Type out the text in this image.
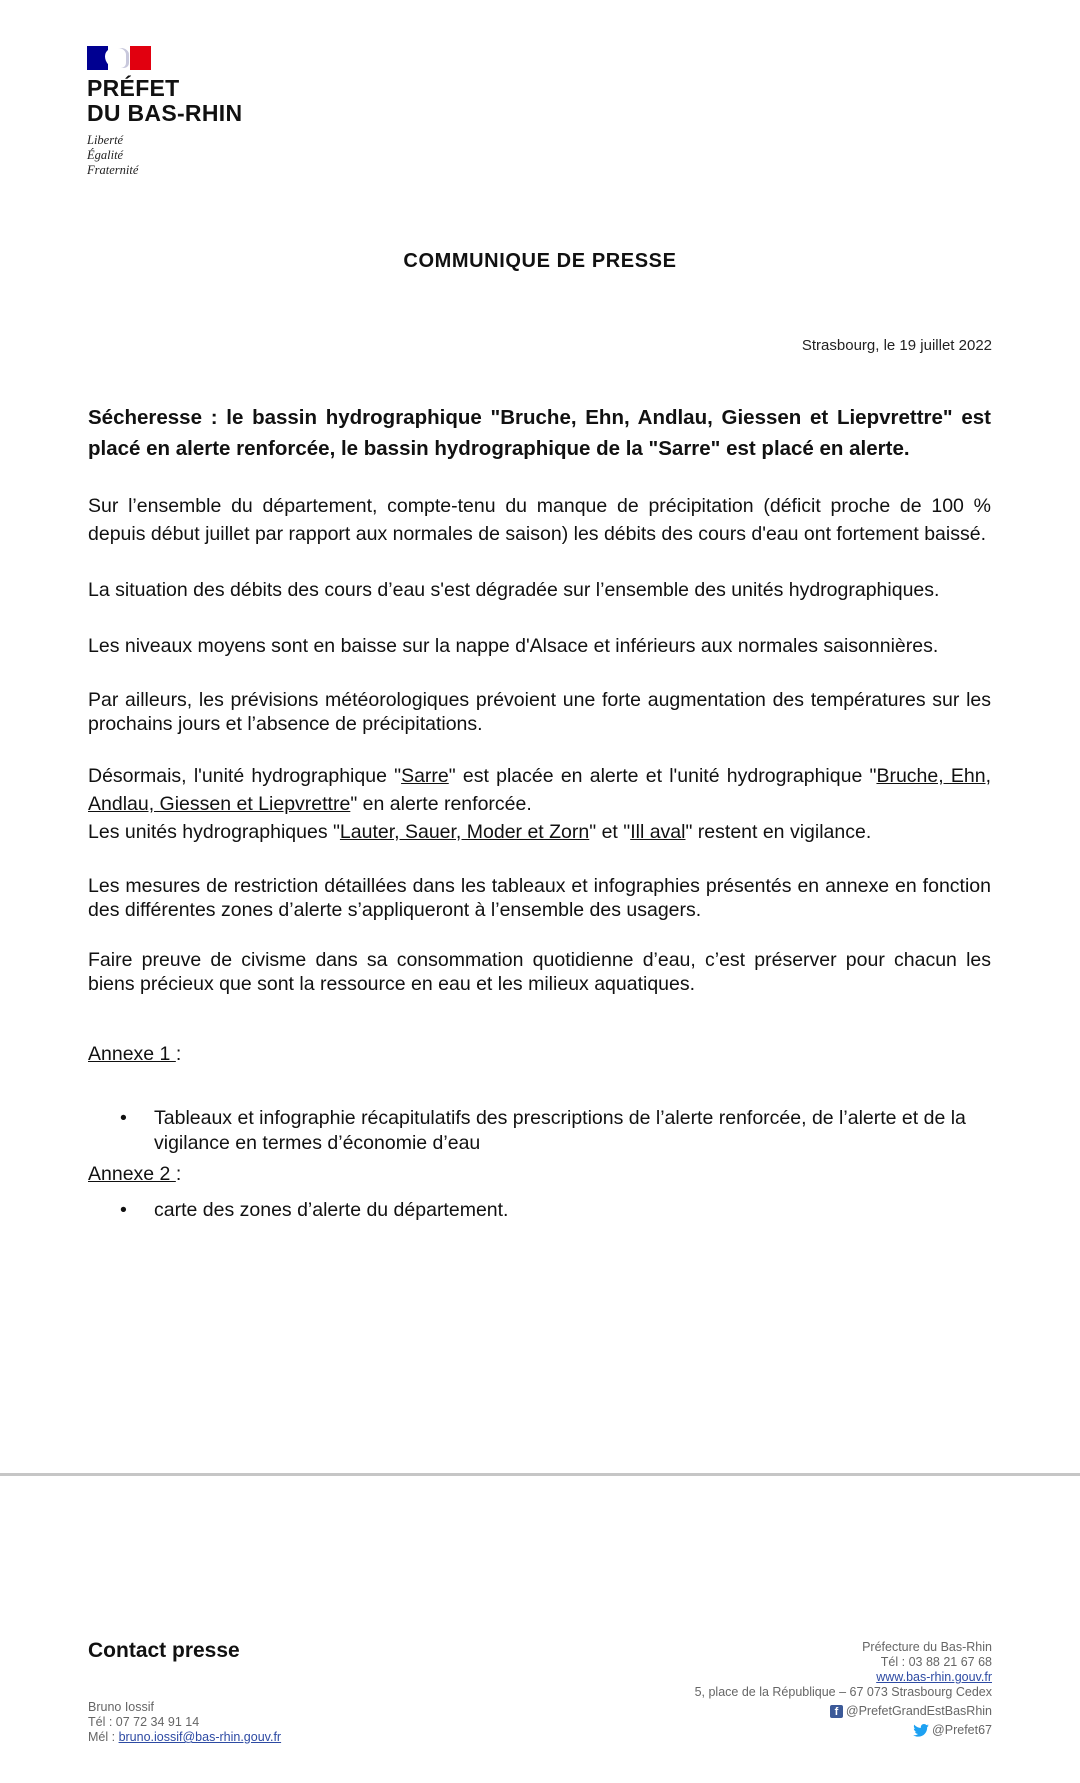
PRÉFET
DU BAS-RHIN
Liberté
Égalité
Fraternité
COMMUNIQUE DE PRESSE
Strasbourg, le 19 juillet 2022
Sécheresse : le bassin hydrographique "Bruche, Ehn, Andlau, Giessen et Liepvrettre" est placé en alerte renforcée, le bassin hydrographique de la "Sarre" est placé en alerte.
Sur l’ensemble du département, compte-tenu du manque de précipitation (déficit proche de 100 % depuis début juillet par rapport aux normales de saison) les débits des cours d'eau ont fortement baissé.
La situation des débits des cours d’eau s'est dégradée sur l’ensemble des unités hydrographiques.
Les niveaux moyens sont en baisse sur la nappe d'Alsace et inférieurs aux normales saisonnières.
Par ailleurs, les prévisions météorologiques prévoient une forte augmentation des températures sur les prochains jours et l’absence de précipitations.
Désormais, l'unité hydrographique "Sarre" est placée en alerte et l'unité hydrographique "Bruche, Ehn, Andlau, Giessen et Liepvrettre" en alerte renforcée.
Les unités hydrographiques "Lauter, Sauer, Moder et Zorn" et "Ill aval" restent en vigilance.
Les mesures de restriction détaillées dans les tableaux et infographies présentés en annexe en fonction des différentes zones d’alerte s’appliqueront à l’ensemble des usagers.
Faire preuve de civisme dans sa consommation quotidienne d’eau, c’est préserver pour chacun les biens précieux que sont la ressource en eau et les milieux aquatiques.
Annexe 1 :
• Tableaux et infographie récapitulatifs des prescriptions de l’alerte renforcée, de l’alerte et de la vigilance en termes d’économie d’eau
Annexe 2 :
• carte des zones d’alerte du département.
Contact presse
Bruno Iossif
Tél : 07 72 34 91 14
Mél : bruno.iossif@bas-rhin.gouv.fr
Préfecture du Bas-Rhin
Tél : 03 88 21 67 68
www.bas-rhin.gouv.fr
5, place de la République – 67 073 Strasbourg Cedex
f @PrefetGrandEstBasRhin
@Prefet67
